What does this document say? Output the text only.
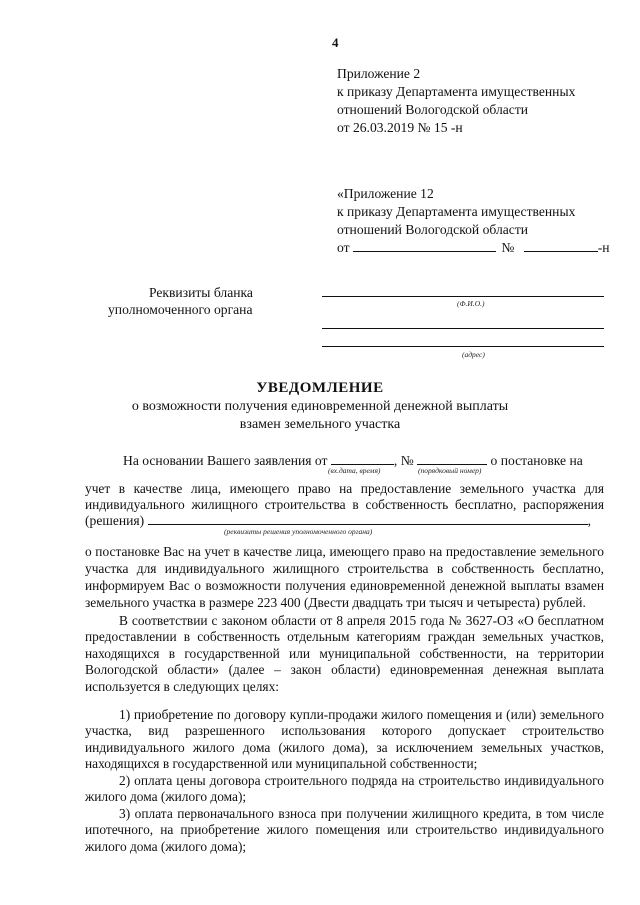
4
Приложение 2
к приказу Департамента имущественных
отношений Вологодской области
от 26.03.2019 № 15 -н
«Приложение 12
к приказу Департамента имущественных
отношений Вологодской области
от	№	-н
Реквизиты бланка
уполномоченного органа	(Ф.И.О.)
(адрес)
УВЕДОМЛЕНИЕ
о возможности получения единовременной денежной выплаты
взамен земельного участка
На основании Вашего заявления от	, №	о постановке на
(вх.дата, время)	(порядковый номер)
учет в качестве лица, имеющего право на предоставление земельного участка для
индивидуального жилищного строительства в собственность бесплатно, распоряжения
(решения)	,
(реквизиты решения уполномоченного органа)
о постановке Вас на учет в качестве лица, имеющего право на предоставление земельного
участка для индивидуального жилищного строительства в собственность бесплатно,
информируем Вас о возможности получения единовременной денежной выплаты взамен
земельного участка в размере 223 400 (Двести двадцать три тысяч и четыреста) рублей.
В соответствии с законом области от 8 апреля 2015 года № 3627-ОЗ «О бесплатном предоставлении в собственность отдельным категориям граждан земельных участков, находящихся в государственной или муниципальной собственности, на территории Вологодской области» (далее – закон области) единовременная денежная выплата используется в следующих целях:
1) приобретение по договору купли-продажи жилого помещения и (или) земельного участка, вид разрешенного использования которого допускает строительство индивидуального жилого дома (жилого дома), за исключением земельных участков, находящихся в государственной или муниципальной собственности;
2) оплата цены договора строительного подряда на строительство индивидуального жилого дома (жилого дома);
3) оплата первоначального взноса при получении жилищного кредита, в том числе ипотечного, на приобретение жилого помещения или строительство индивидуального жилого дома (жилого дома);
